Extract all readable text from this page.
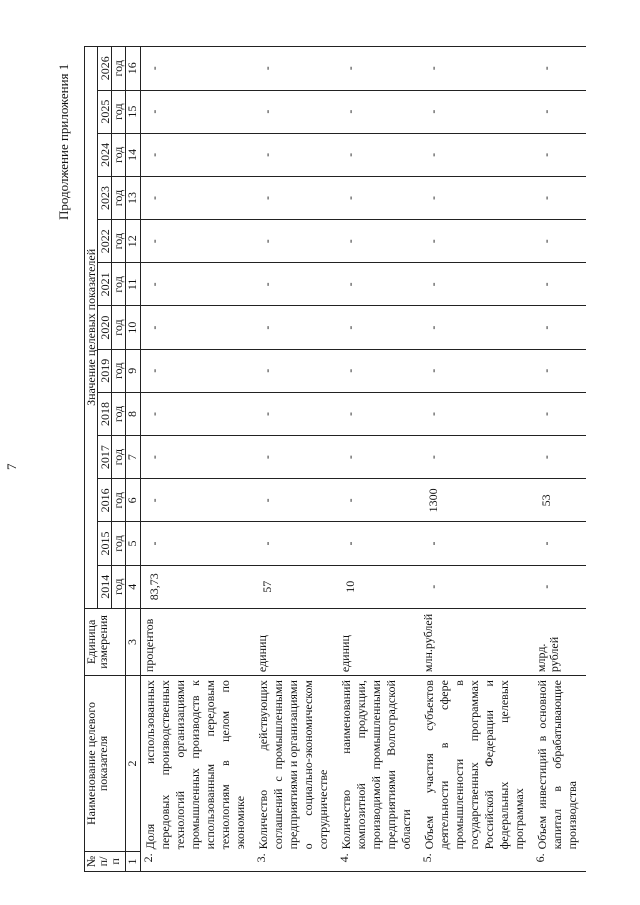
7
Продолжение приложения 1
№ п/п	Наименование целевого показателя	Единица измерения	Значение целевых показателей												

			2014 год	2015 год	2016 год	2017 год	2018 год	2019 год	2020 год	2021 год	2022 год	2023 год	2024 год	2025 год	2026 год

1	2	3	4	5	6	7	8	9	10	11	12	13	14	15	16
2.	Доля использованных передовых производственных технологий организациями промышленных производств к использованным передовым технологиям в целом по экономике	процентов	83,73	-	-	-	-	-	-	-	-	-	-	-	-
3.	Количество действующих соглашений с промышленными предприятиями и организациями о социально-экономическом сотрудничестве	единиц	57	-	-	-	-	-	-	-	-	-	-	-	-
4.	Количество наименований композитной продукции, производимой промышленными предприятиями Волгоградской области	единиц	10	-	-	-	-	-	-	-	-	-	-	-	-
5.	Объем участия субъектов деятельности в сфере промышленности в государственных программах Российской Федерации и федеральных целевых программах	млн.рублей	-	-	1300	-	-	-	-	-	-	-	-	-	-
6.	Объем инвестиций в основной капитал в обрабатывающие производства	млрд. рублей	-	-	53	-	-	-	-	-	-	-	-	-	-
